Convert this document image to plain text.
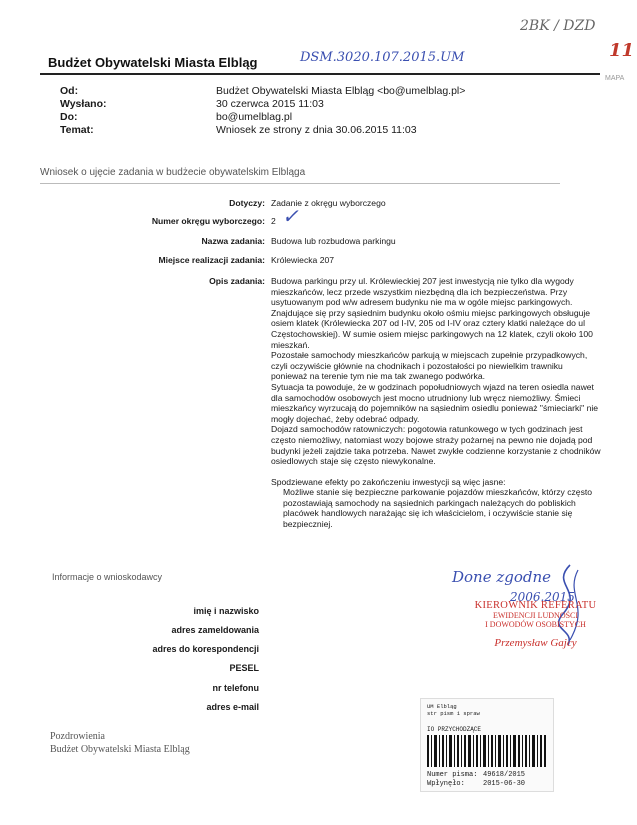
DSM.3020.107.2015.UM
2BK / DZD
11
MAPA
Budżet Obywatelski Miasta Elbląg
Od:	Budżet Obywatelski Miasta Elbląg <bo@umelblag.pl>
Wysłano:	30 czerwca 2015 11:03
Do:	bo@umelblag.pl
Temat:	Wniosek ze strony z dnia 30.06.2015 11:03
Wniosek o ujęcie zadania w budżecie obywatelskim Elbląga
Dotyczy: Zadanie z okręgu wyborczego
Numer okręgu wyborczego: 2 ✓
Nazwa zadania: Budowa lub rozbudowa parkingu
Miejsce realizacji zadania: Królewiecka 207
Opis zadania: Budowa parkingu przy ul. Królewieckiej 207 jest inwestycją nie tylko dla wygody mieszkańców, lecz przede wszystkim niezbędną dla ich bezpieczeństwa. Przy usytuowanym pod w/w adresem budynku nie ma w ogóle miejsc parkingowych. Znajdujące się przy sąsiednim budynku około ośmiu miejsc parkingowych obsługuje osiem klatek (Królewiecka 207 od I-IV, 205 od I-IV oraz cztery klatki należące do ul Częstochowskiej). W sumie osiem miejsc parkingowych na 12 klatek, czyli około 100 mieszkań.

Pozostałe samochody mieszkańców parkują w miejscach zupełnie przypadkowych, czyli oczywiście głównie na chodnikach i pozostałości po niewielkim trawniku ponieważ na terenie tym nie ma tak zwanego podwórka.

Sytuacja ta powoduje, że w godzinach popołudniowych wjazd na teren osiedla nawet dla samochodów osobowych jest mocno utrudniony lub wręcz niemożliwy. Śmieci mieszkańcy wyrzucają do pojemników na sąsiednim osiedlu ponieważ "śmieciarki" nie mogły dojechać, żeby odebrać odpady.

Dojazd samochodów ratowniczych: pogotowia ratunkowego w tych godzinach jest często niemożliwy, natomiast wozy bojowe straży pożarnej na pewno nie dojadą pod budynki jeżeli zajdzie taka potrzeba. Nawet zwykłe codzienne korzystanie z chodników osiedlowych staje się często niewykonalne.

Spodziewane efekty po zakończeniu inwestycji są więc jasne:

Możliwe stanie się bezpieczne parkowanie pojazdów mieszkańców, którzy często pozostawiają samochody na sąsiednich parkingach należących do pobliskich placówek handlowych narażając się ich właścicielom, i oczywiście stanie się bezpieczniej.
Informacje o wnioskodawcy
imię i nazwisko
adres zameldowania
adres do korespondencji
PESEL
nr telefonu
adres e-mail
Done zgodne
2006.2015
KIEROWNIK REFERATU
EWIDENCJI LUDNOŚCI
I DOWODÓW OSOBISTYCH
Przemysław Gajcy
Pozdrowienia
Budżet Obywatelski Miasta Elbląg
UM Elbląg
str pism i spraw
IO PRZYCHODZĄCE
Numer pisma: 49618/2015
Wpłynęło:	2015-06-30
